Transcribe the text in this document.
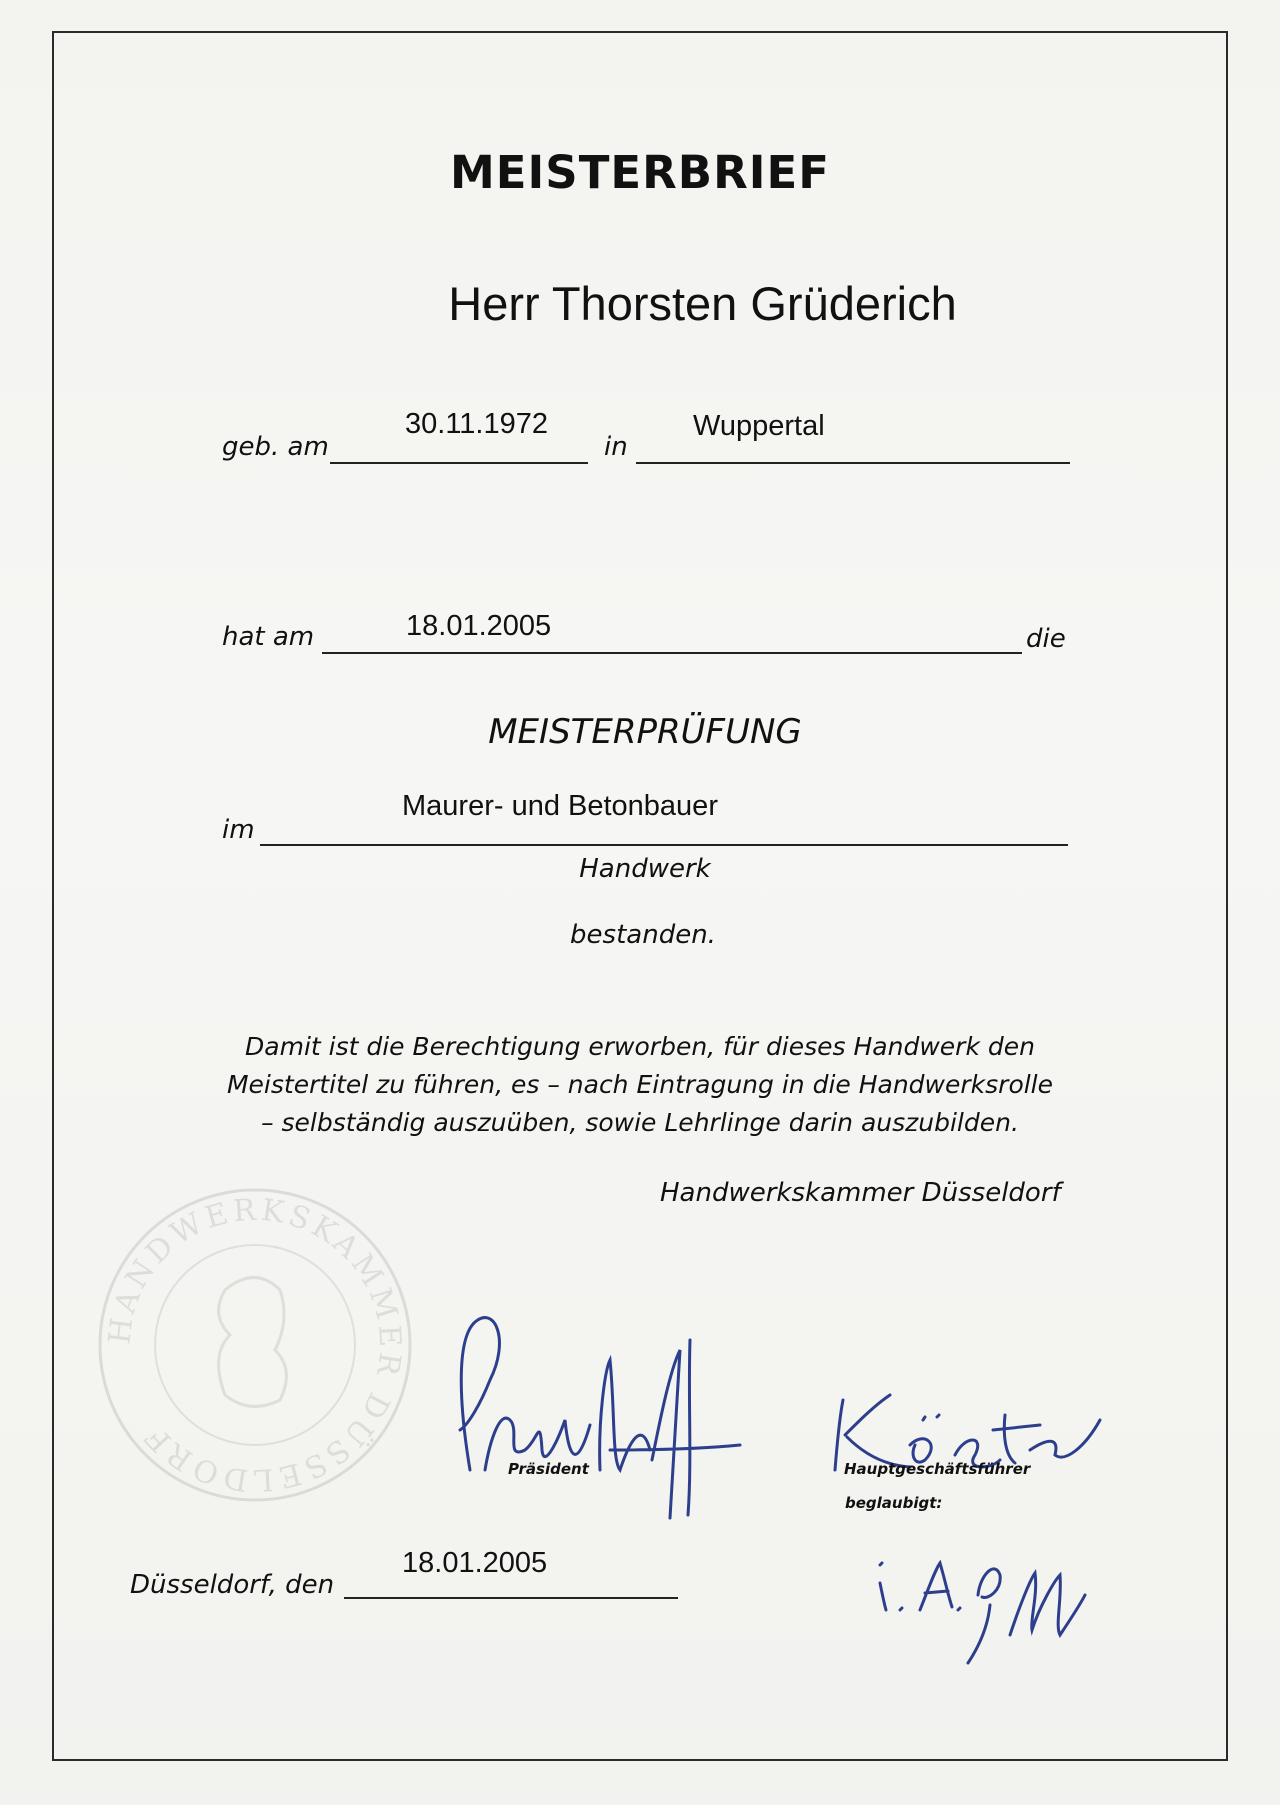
HANDWERKSKAMMER DÜSSELDORF
MEISTERBRIEF
Herr Thorsten Grüderich
geb. am
30.11.1972
in
Wuppertal
hat am	18.01.2005	die
MEISTERPRÜFUNG
im
Maurer- und Betonbauer
Handwerk
bestanden.
Damit ist die Berechtigung erworben, für dieses Handwerk den
Meistertitel zu führen, es – nach Eintragung in die Handwerksrolle
– selbständig auszuüben, sowie Lehrlinge darin auszubilden.
Handwerkskammer Düsseldorf
Präsident	Hauptgeschäftsführer
beglaubigt:
Düsseldorf, den
18.01.2005
